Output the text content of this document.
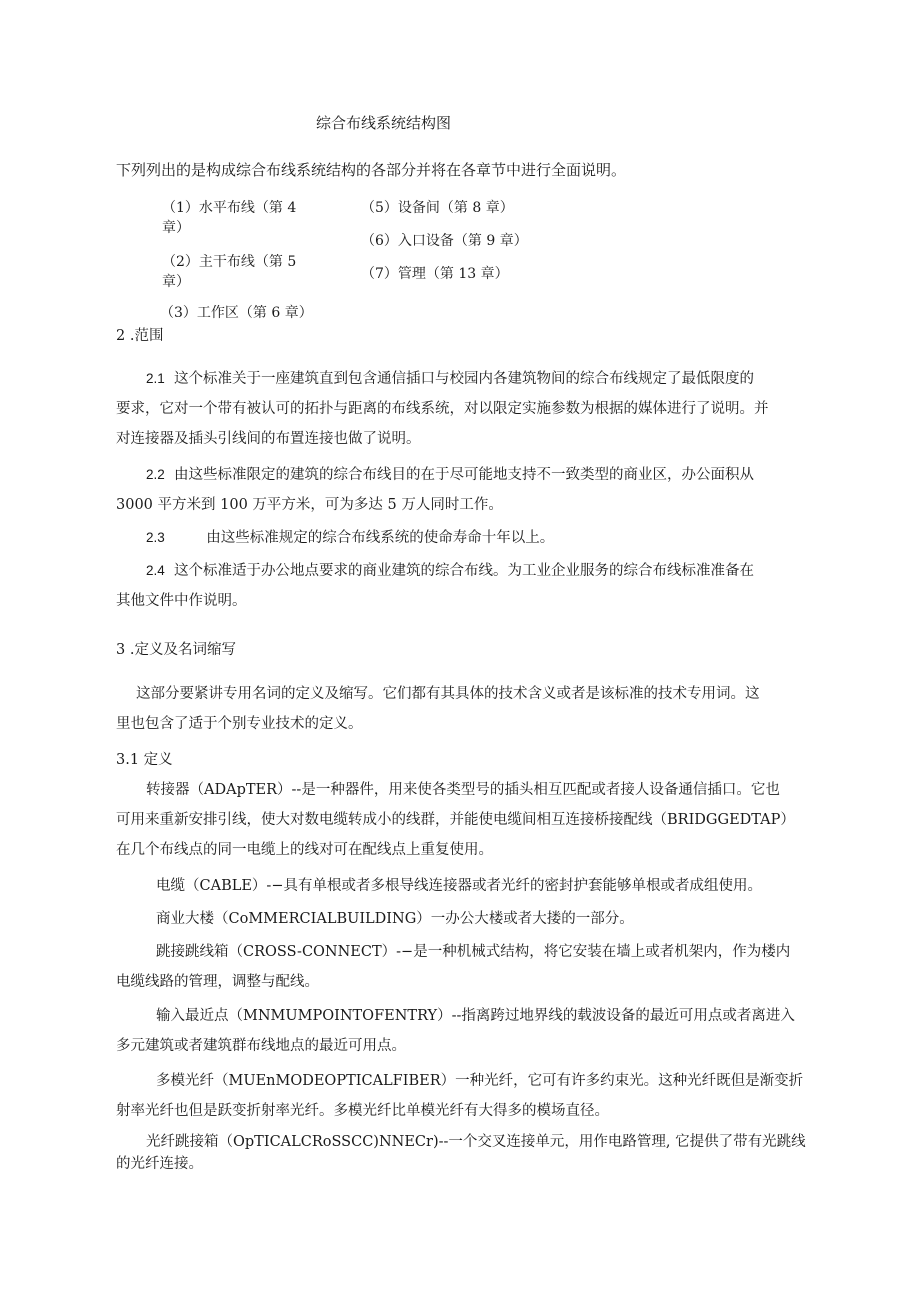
综合布线系统结构图
下列列出的是构成综合布线系统结构的各部分并将在各章节中进行全面说明。
（1）水平布线（第 4
章）
（2）主干布线（第 5
章）
（3）工作区（第 6 章）
（5）设备间（第 8 章）
（6）入口设备（第 9 章）
（7）管理（第 13 章）
2 .范围
2.1 这个标准关于一座建筑直到包含通信插口与校园内各建筑物间的综合布线规定了最低限度的
要求，它对一个带有被认可的拓扑与距离的布线系统，对以限定实施参数为根据的媒体进行了说明。并
对连接器及插头引线间的布置连接也做了说明。
2.2 由这些标准限定的建筑的综合布线目的在于尽可能地支持不一致类型的商业区，办公面积从
3000 平方米到 100 万平方米，可为多达 5 万人同时工作。
2.3	由这些标准规定的综合布线系统的使命寿命十年以上。
2.4 这个标准适于办公地点要求的商业建筑的综合布线。为工业企业服务的综合布线标准准备在
其他文件中作说明。
3 .定义及名词缩写
这部分要紧讲专用名词的定义及缩写。它们都有其具体的技术含义或者是该标准的技术专用词。这
里也包含了适于个别专业技术的定义。
3.1 定义
转接器（ADApTER）--是一种器件，用来使各类型号的插头相互匹配或者接人设备通信插口。它也
可用来重新安排引线，使大对数电缆转成小的线群，并能使电缆间相互连接桥接配线（BRIDGGEDTAP）
在几个布线点的同一电缆上的线对可在配线点上重复使用。
电缆（CABLE）-−具有单根或者多根导线连接器或者光纤的密封护套能够单根或者成组使用。
商业大楼（CoMMERCIALBUILDING）一办公大楼或者大搂的一部分。
跳接跳线箱（CROSS-CONNECT）-−是一种机械式结构，将它安装在墙上或者机架内，作为楼内
电缆线路的管理，调整与配线。
输入最近点（MNMUMPOINTOFENTRY）--指离跨过地界线的载波设备的最近可用点或者离进入
多元建筑或者建筑群布线地点的最近可用点。
多模光纤（MUEnMODEOPTICALFIBER）一种光纤，它可有许多约束光。这种光纤既但是渐变折
射率光纤也但是跃变折射率光纤。多模光纤比单模光纤有大得多的模场直径。
光纤跳接箱（OpTICALCRoSSCC)NNECr)--一个交叉连接单元，用作电路管理, 它提供了带有光跳线
的光纤连接。
